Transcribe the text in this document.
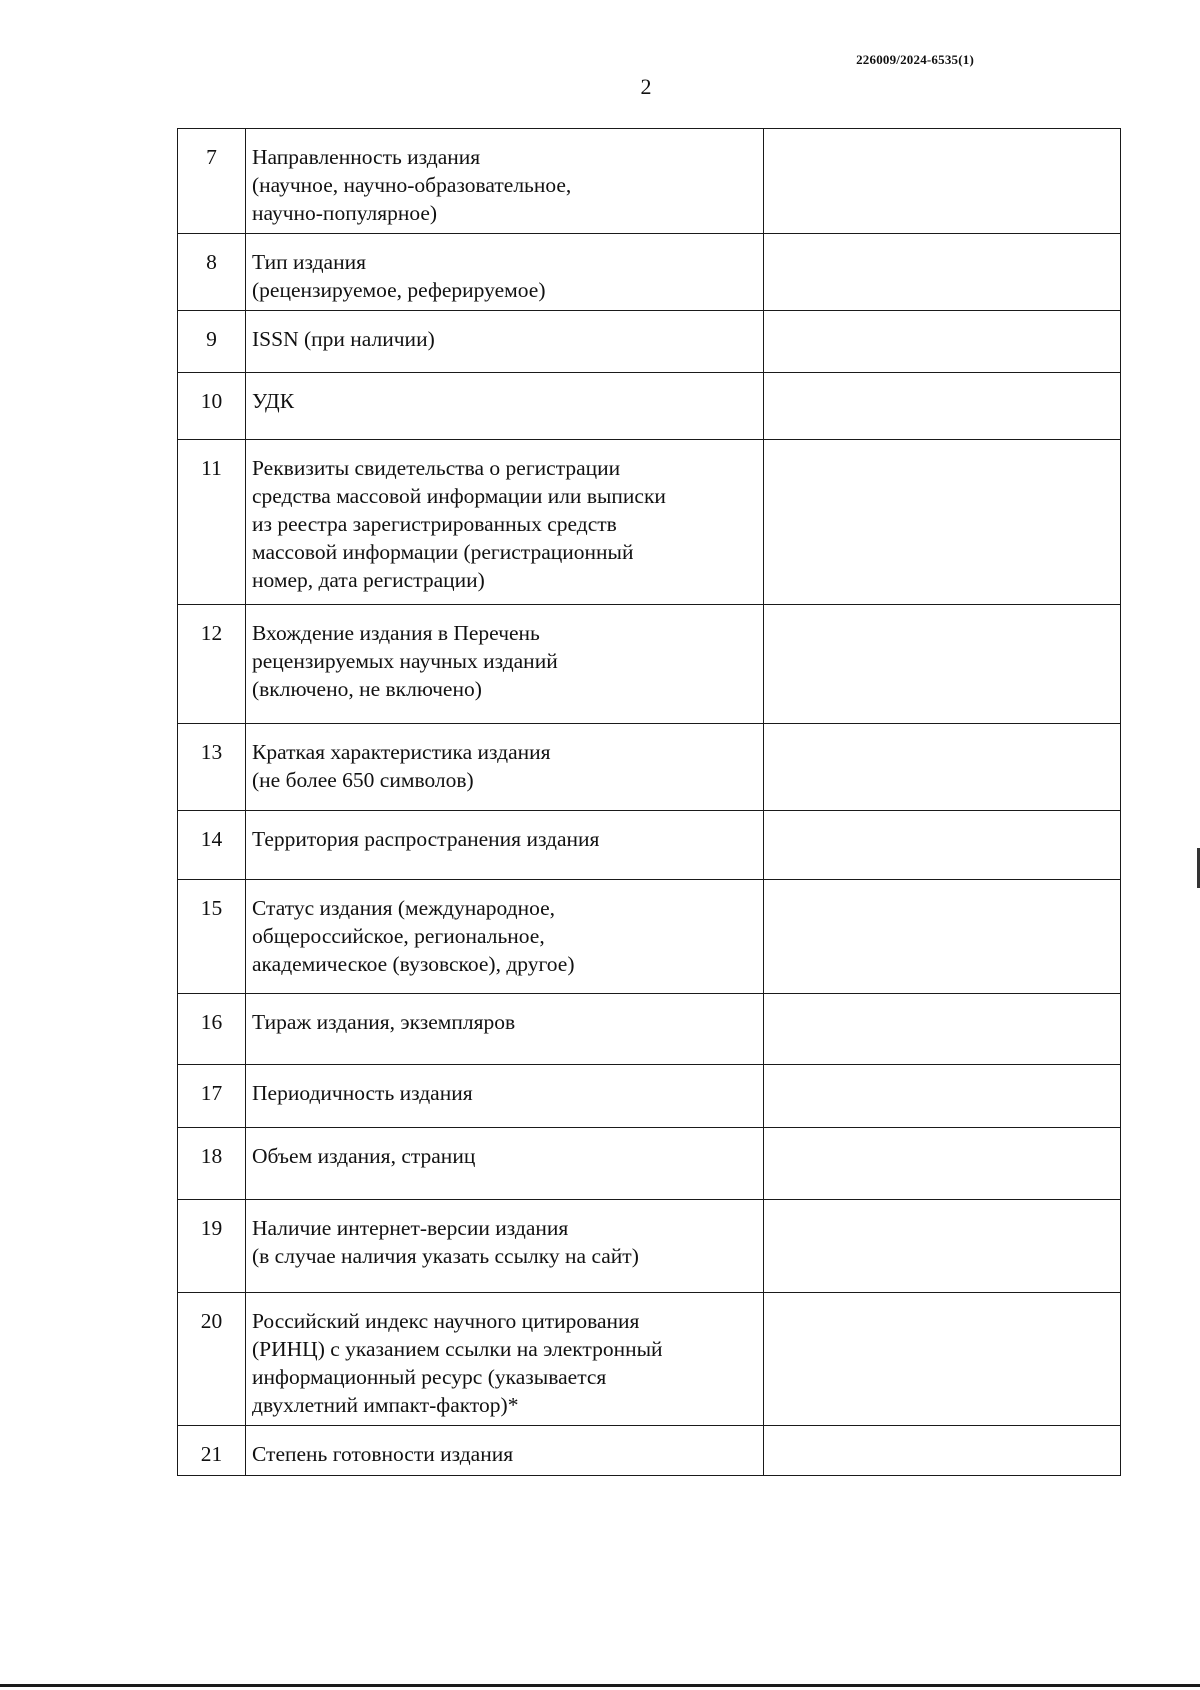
226009/2024-6535(1)
2
7	Направленность издания
(научное, научно-образовательное,
научно-популярное)	
8	Тип издания
(рецензируемое, реферируемое)	
9	ISSN (при наличии)	
10	УДК	
11	Реквизиты свидетельства о регистрации
средства массовой информации или выписки
из реестра зарегистрированных средств
массовой информации (регистрационный
номер, дата регистрации)	
12	Вхождение издания в Перечень
рецензируемых научных изданий
(включено, не включено)	
13	Краткая характеристика издания
(не более 650 символов)	
14	Территория распространения издания	
15	Статус издания (международное,
общероссийское, региональное,
академическое (вузовское), другое)	
16	Тираж издания, экземпляров	
17	Периодичность издания	
18	Объем издания, страниц	
19	Наличие интернет-версии издания
(в случае наличия указать ссылку на сайт)	
20	Российский индекс научного цитирования
(РИНЦ) с указанием ссылки на электронный
информационный ресурс (указывается
двухлетний импакт-фактор)*	
21	Степень готовности издания	
